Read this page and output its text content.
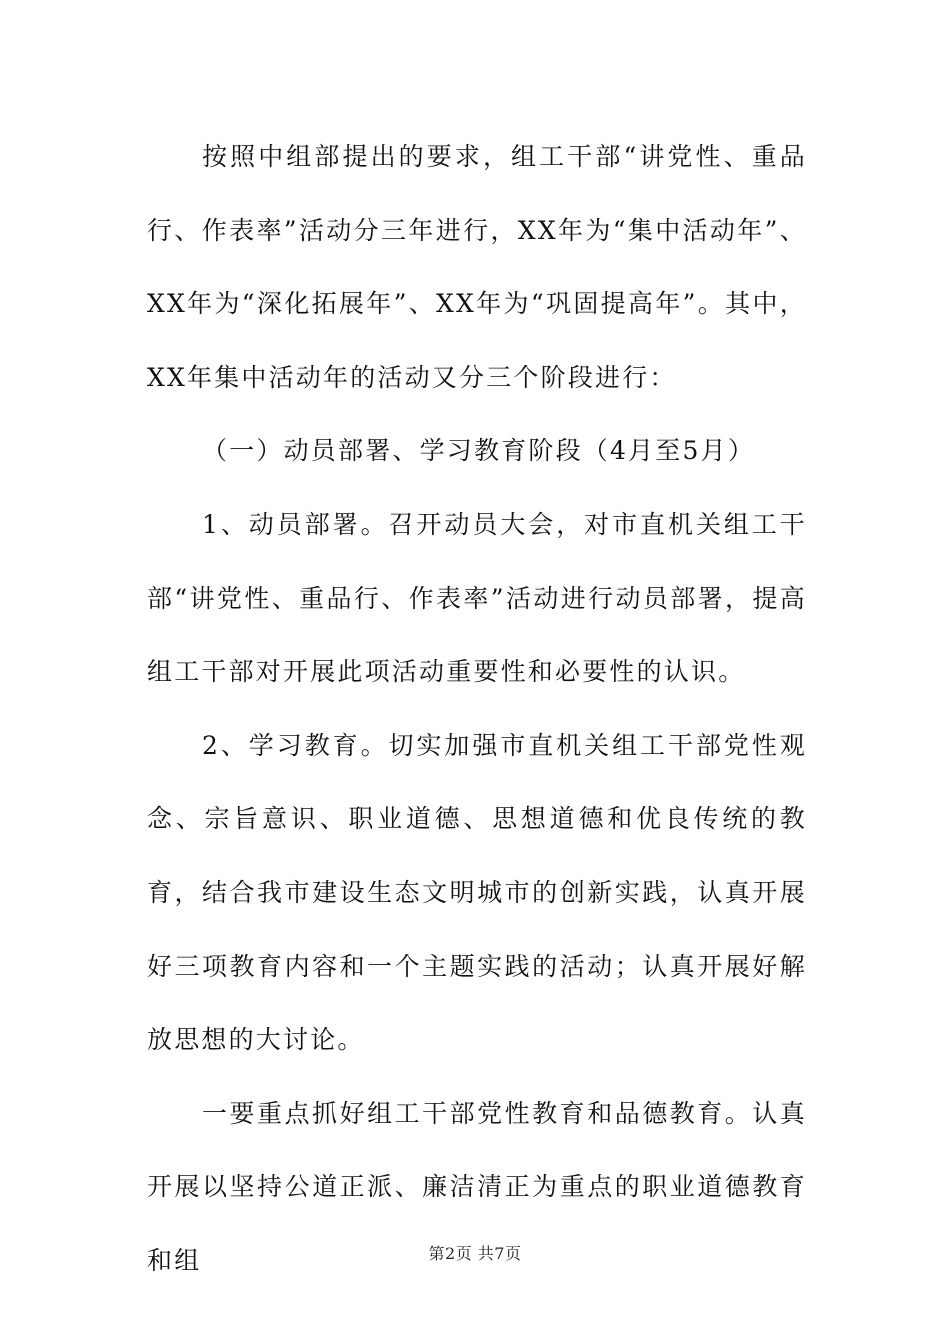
按照中组部提出的要求，组工干部“讲党性、重品行、作表率”活动分三年进行，XX年为“集中活动年”、XX年为“深化拓展年”、XX年为“巩固提高年”。其中，XX年集中活动年的活动又分三个阶段进行：

（一）动员部署、学习教育阶段（4月至5月）

1、动员部署。召开动员大会，对市直机关组工干部“讲党性、重品行、作表率”活动进行动员部署，提高组工干部对开展此项活动重要性和必要性的认识。

2、学习教育。切实加强市直机关组工干部党性观念、宗旨意识、职业道德、思想道德和优良传统的教育，结合我市建设生态文明城市的创新实践，认真开展好三项教育内容和一个主题实践的活动；认真开展好解放思想的大讨论。

一要重点抓好组工干部党性教育和品德教育。认真开展以坚持公道正派、廉洁清正为重点的职业道德教育和组	第2页 共7页
